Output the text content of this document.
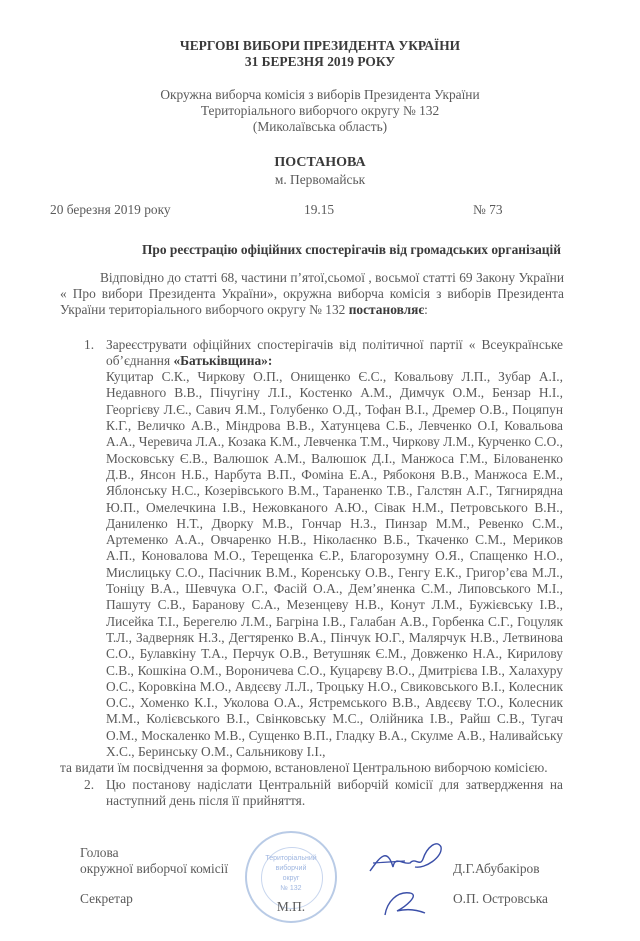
ЧЕРГОВІ ВИБОРИ ПРЕЗИДЕНТА УКРАЇНИ
31 БЕРЕЗНЯ 2019 РОКУ
Окружна виборча комісія з виборів Президента України
Територіального виборчого округу № 132
(Миколаївська область)
ПОСТАНОВА
м. Первомайськ
20 березня 2019 року	19.15	№ 73
Про реєстрацію офіційних спостерігачів від громадських організацій
Відповідно до статті 68, частини п’ятої,сьомої , восьмої статті 69 Закону України « Про вибори Президента України», окружна виборча комісія з виборів Президента України територіального виборчого округу № 132 постановляє:
1. Зареєструвати офіційних спостерігачів від політичної партії « Всеукраїнське об’єднання «Батьківщина»:
Куцитар С.К., Чиркову О.П., Онищенко Є.С., Ковальову Л.П., Зубар А.І., Недавного В.В., Пічугіну Л.І., Костенко А.М., Димчук О.М., Бензар Н.І., Георгієву Л.Є., Савич Я.М., Голубенко О.Д., Тофан В.І., Дремер О.В., Поцяпун К.Г., Величко А.В., Міндрова В.В., Хатунцева С.Б., Левченко О.І, Ковальова А.А., Черевича Л.А., Козака К.М., Левченка Т.М., Чиркову Л.М., Курченко С.О., Московську Є.В., Валюшок А.М., Валюшок Д.І., Манжоса Г.М., Білованенко Д.В., Янсон Н.Б., Нарбута В.П., Фоміна Е.А., Рябоконя В.В., Манжоса Е.М., Яблонську Н.С., Козерівського В.М., Тараненко Т.В., Галстян А.Г., Тягнирядна Ю.П., Омелечкина І.В., Нежовканого А.Ю., Сівак Н.М., Петровського В.Н., Даниленко Н.Т., Дворку М.В., Гончар Н.З., Пинзар М.М., Ревенко С.М., Артеменко А.А., Овчаренко Н.В., Ніколаєнко В.Б., Ткаченко С.М., Мериков А.П., Коновалова М.О., Терещенка Є.Р., Благорозумну О.Я., Спащенко Н.О., Мислицьку С.О., Пасічник В.М., Коренську О.В., Генгу Е.К., Григор’єва М.Л., Тоніцу В.А., Шевчука О.Г., Фасій О.А., Дем’яненка С.М., Липовського М.І., Пашуту С.В., Баранову С.А., Мезенцеву Н.В., Конут Л.М., Бужієвську І.В., Лисейка Т.І., Берегелю Л.М., Багріна І.В., Галабан А.В., Горбенка С.Г., Гоцуляк Т.Л., Задверняк Н.З., Дегтяренко В.А., Пінчук Ю.Г., Малярчук Н.В., Летвинова С.О., Булавкіну Т.А., Перчук О.В., Ветушняк Є.М., Довженко Н.А., Кирилову С.В., Кошкіна О.М., Вороничева С.О., Куцарєву В.О., Дмитрієва І.В., Халахуру О.С., Коровкіна М.О., Авдєєву Л.Л., Троцьку Н.О., Свиковського В.І., Колесник О.С., Хоменко К.І., Уколова О.А., Ястремського В.В., Авдєєву Т.О., Колесник М.М., Колієвського В.І., Свінковську М.С., Олійника І.В., Райш С.В., Тугач О.М., Москаленко М.В., Сущенко В.П., Гладку В.А., Скулме А.В., Наливайську Х.С., Беринську О.М., Сальникову І.І.,
та видати їм посвідчення за формою, встановленої Центральною виборчою комісією.
2. Цю постанову надіслати Центральній виборчій комісії для затвердження на наступний день після її прийняття.
Територіальний
виборчий
округ
№ 132
М.П.
Голова
окружної виборчої комісії	Д.Г.Абубакіров
Секретар	О.П. Островська
